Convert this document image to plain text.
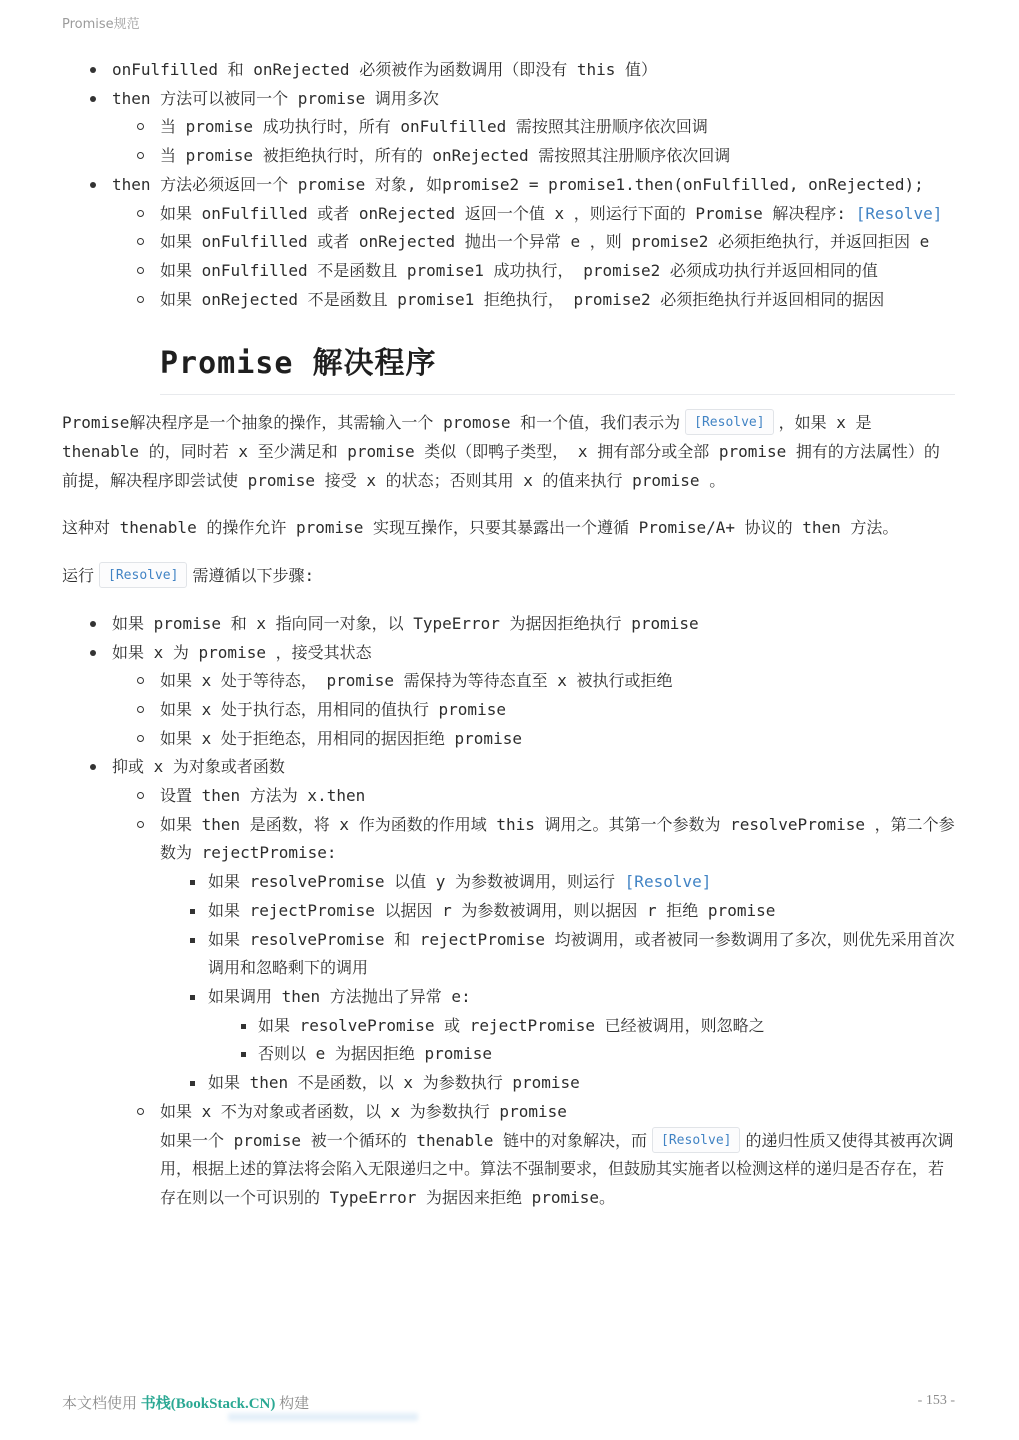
Promise规范
onFulfilled 和 onRejected 必须被作为函数调用（即没有 this 值）
then 方法可以被同一个 promise 调用多次
当 promise 成功执行时，所有 onFulfilled 需按照其注册顺序依次回调
当 promise 被拒绝执行时，所有的 onRejected 需按照其注册顺序依次回调
then 方法必须返回一个 promise 对象, 如promise2 = promise1.then(onFulfilled, onRejected);
如果 onFulfilled 或者 onRejected 返回一个值 x ，则运行下面的 Promise 解决程序: [Resolve]
如果 onFulfilled 或者 onRejected 抛出一个异常 e ，则 promise2 必须拒绝执行，并返回拒因 e
如果 onFulfilled 不是函数且 promise1 成功执行， promise2 必须成功执行并返回相同的值
如果 onRejected 不是函数且 promise1 拒绝执行， promise2 必须拒绝执行并返回相同的据因
Promise 解决程序

Promise解决程序是一个抽象的操作，其需输入一个 promose 和一个值，我们表示为 [Resolve] ，如果 x 是 thenable 的，同时若 x 至少满足和 promise 类似（即鸭子类型， x 拥有部分或全部 promise 拥有的方法属性）的前提，解决程序即尝试使 promise 接受 x 的状态；否则其用 x 的值来执行 promise 。

这种对 thenable 的操作允许 promise 实现互操作，只要其暴露出一个遵循 Promise/A+ 协议的 then 方法。

运行 [Resolve] 需遵循以下步骤:

如果 promise 和 x 指向同一对象，以 TypeError 为据因拒绝执行 promise
如果 x 为 promise ，接受其状态
如果 x 处于等待态， promise 需保持为等待态直至 x 被执行或拒绝
如果 x 处于执行态，用相同的值执行 promise
如果 x 处于拒绝态，用相同的据因拒绝 promise
抑或 x 为对象或者函数
设置 then 方法为 x.then
如果 then 是函数，将 x 作为函数的作用域 this 调用之。其第一个参数为 resolvePromise ，第二个参数为 rejectPromise:
如果 resolvePromise 以值 y 为参数被调用，则运行 [Resolve]
如果 rejectPromise 以据因 r 为参数被调用，则以据因 r 拒绝 promise
如果 resolvePromise 和 rejectPromise 均被调用，或者被同一参数调用了多次，则优先采用首次调用和忽略剩下的调用
如果调用 then 方法抛出了异常 e:
如果 resolvePromise 或 rejectPromise 已经被调用，则忽略之
否则以 e 为据因拒绝 promise
如果 then 不是函数，以 x 为参数执行 promise
如果 x 不为对象或者函数，以 x 为参数执行 promise
如果一个 promise 被一个循环的 thenable 链中的对象解决，而 [Resolve] 的递归性质又使得其被再次调用，根据上述的算法将会陷入无限递归之中。算法不强制要求，但鼓励其实施者以检测这样的递归是否存在，若存在则以一个可识别的 TypeError 为据因来拒绝 promise。
本文档使用 书栈(BookStack.CN) 构建	- 153 -
